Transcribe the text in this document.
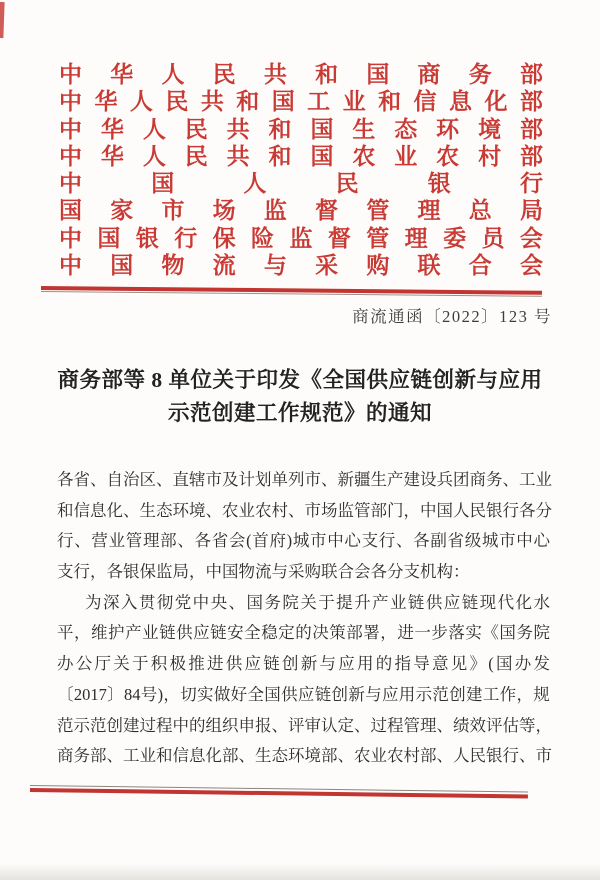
中 华 人 民 共 和 国 商 务 部
中 华 人 民 共 和 国 工 业 和 信 息 化 部
中 华 人 民 共 和 国 生 态 环 境 部
中 华 人 民 共 和 国 农 业 农 村 部
中	国	人	民	银	行
国 家 市 场 监 督 管 理 总 局
中 国 银 行 保 险 监 督 管 理 委 员 会
中 国 物 流 与 采 购 联 合 会
商流通函〔2022〕123 号
商务部等 8 单位关于印发《全国供应链创新与应用
示范创建工作规范》的通知
各 省 、 自 治 区 、 直 辖 市 及 计 划 单 列 市 、 新 疆 生 产 建 设 兵 团 商 务 、 工 业
和 信 息 化 、 生 态 环 境 、 农 业 农 村 、 市 场 监 管 部 门 ， 中 国 人 民 银 行 各 分
行 、 营 业 管 理 部 、 各 省 会 ( 首 府 ) 城 市 中 心 支 行 、 各 副 省 级 城 市 中 心
支行，各银保监局，中国物流与采购联合会各分支机构：
为 深 入 贯 彻 党 中 央 、 国 务 院 关 于 提 升 产 业 链 供 应 链 现 代 化 水
平 ， 维 护 产 业 链 供 应 链 安 全 稳 定 的 决 策 部 署 ， 进 一 步 落 实 《 国 务 院
办 公 厅 关 于 积 极 推 进 供 应 链 创 新 与 应 用 的 指 导 意 见 》 ( 国 办 发
〔 2017 〕 84 号 ) ， 切 实 做 好 全 国 供 应 链 创 新 与 应 用 示 范 创 建 工 作 ， 规
范 示 范 创 建 过 程 中 的 组 织 申 报 、 评 审 认 定 、 过 程 管 理 、 绩 效 评 估 等 ，
商 务 部 、 工 业 和 信 息 化 部 、 生 态 环 境 部 、 农 业 农 村 部 、 人 民 银 行 、 市
